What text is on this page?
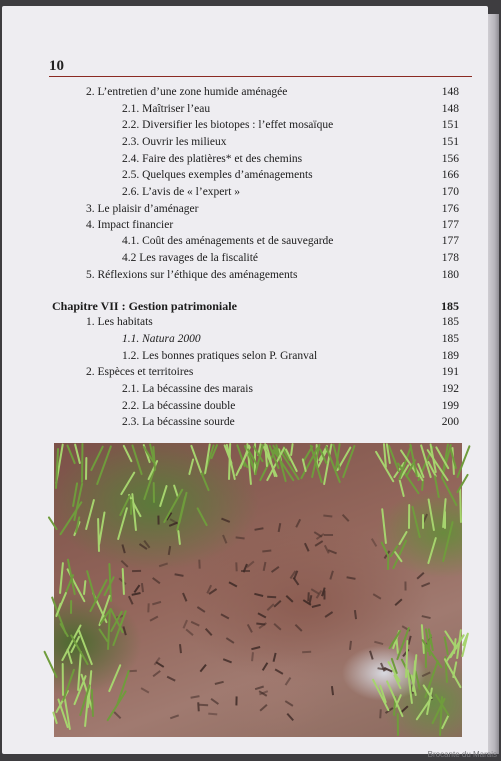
10
2. L’entretien d’une zone humide aménagée	148
2.1. Maîtriser l’eau	148
2.2. Diversifier les biotopes : l’effet mosaïque	151
2.3. Ouvrir les milieux	151
2.4. Faire des platières* et des chemins	156
2.5. Quelques exemples d’aménagements	166
2.6. L’avis de « l’expert »	170
3. Le plaisir d’aménager	176
4. Impact financier	177
4.1. Coût des aménagements et de sauvegarde	177
4.2 Les ravages de la fiscalité	178
5. Réflexions sur l’éthique des aménagements	180
Chapitre VII : Gestion patrimoniale	185
1. Les habitats	185
1.1. Natura 2000	185
1.2. Les bonnes pratiques selon P. Granval	189
2. Espèces et territoires	191
2.1. La bécassine des marais	192
2.2. La bécassine double	199
2.3. La bécassine sourde	200
Brocante du Marais
